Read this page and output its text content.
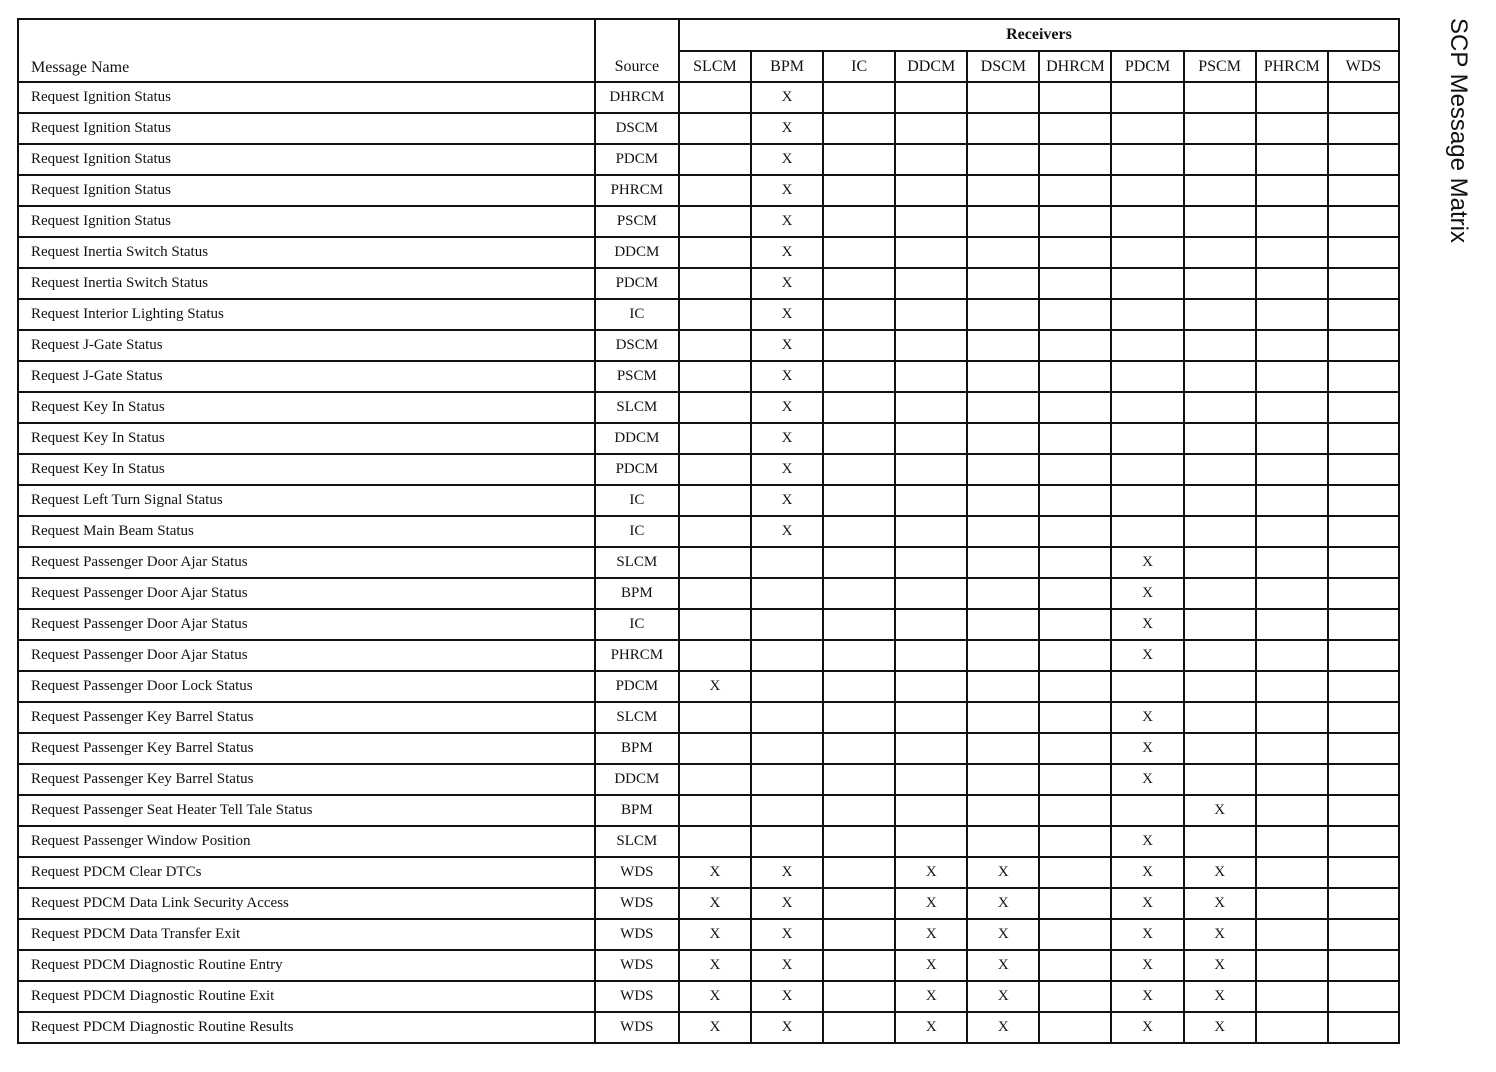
SCP Message Matrix
Message Name	Source	Receivers									
		SLCM	BPM	IC	DDCM	DSCM	DHRCM	PDCM	PSCM	PHRCM	WDS
Request Ignition Status	DHRCM		X								
Request Ignition Status	DSCM		X								
Request Ignition Status	PDCM		X								
Request Ignition Status	PHRCM		X								
Request Ignition Status	PSCM		X								
Request Inertia Switch Status	DDCM		X								
Request Inertia Switch Status	PDCM		X								
Request Interior Lighting Status	IC		X								
Request J-Gate Status	DSCM		X								
Request J-Gate Status	PSCM		X								
Request Key In Status	SLCM		X								
Request Key In Status	DDCM		X								
Request Key In Status	PDCM		X								
Request Left Turn Signal Status	IC		X								
Request Main Beam Status	IC		X								
Request Passenger Door Ajar Status	SLCM							X			
Request Passenger Door Ajar Status	BPM							X			
Request Passenger Door Ajar Status	IC							X			
Request Passenger Door Ajar Status	PHRCM							X			
Request Passenger Door Lock Status	PDCM	X									
Request Passenger Key Barrel Status	SLCM							X			
Request Passenger Key Barrel Status	BPM							X			
Request Passenger Key Barrel Status	DDCM							X			
Request Passenger Seat Heater Tell Tale Status	BPM								X		
Request Passenger Window Position	SLCM							X			
Request PDCM Clear DTCs	WDS	X	X		X	X		X	X		
Request PDCM Data Link Security Access	WDS	X	X		X	X		X	X		
Request PDCM Data Transfer Exit	WDS	X	X		X	X		X	X		
Request PDCM Diagnostic Routine Entry	WDS	X	X		X	X		X	X		
Request PDCM Diagnostic Routine Exit	WDS	X	X		X	X		X	X		
Request PDCM Diagnostic Routine Results	WDS	X	X		X	X		X	X		
